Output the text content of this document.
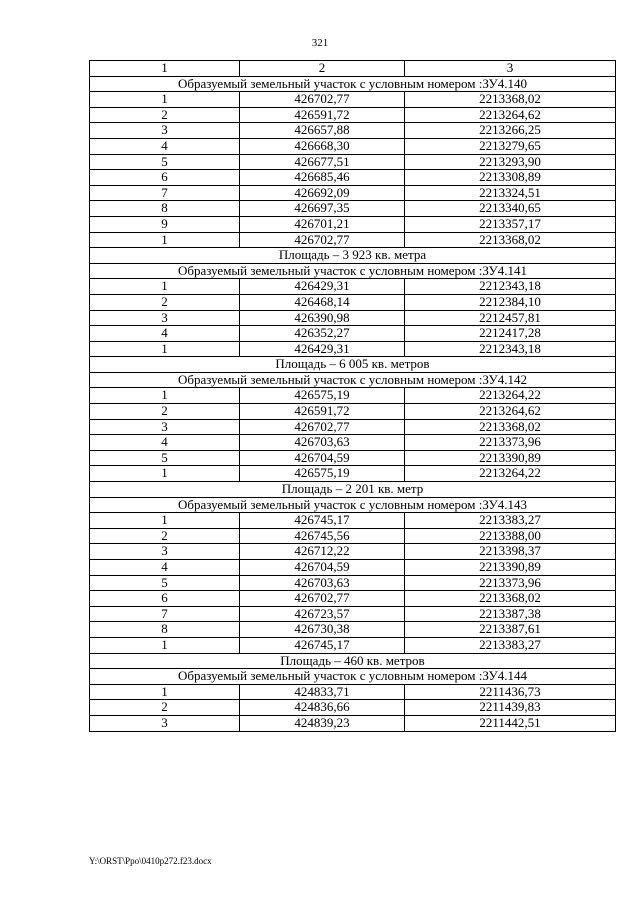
321
1	2	3
Образуемый земельный участок с условным номером :ЗУ4.140		
1	426702,77	2213368,02
2	426591,72	2213264,62
3	426657,88	2213266,25
4	426668,30	2213279,65
5	426677,51	2213293,90
6	426685,46	2213308,89
7	426692,09	2213324,51
8	426697,35	2213340,65
9	426701,21	2213357,17
1	426702,77	2213368,02
Площадь – 3 923 кв. метра		
Образуемый земельный участок с условным номером :ЗУ4.141		
1	426429,31	2212343,18
2	426468,14	2212384,10
3	426390,98	2212457,81
4	426352,27	2212417,28
1	426429,31	2212343,18
Площадь – 6 005 кв. метров		
Образуемый земельный участок с условным номером :ЗУ4.142		
1	426575,19	2213264,22
2	426591,72	2213264,62
3	426702,77	2213368,02
4	426703,63	2213373,96
5	426704,59	2213390,89
1	426575,19	2213264,22
Площадь – 2 201 кв. метр		
Образуемый земельный участок с условным номером :ЗУ4.143		
1	426745,17	2213383,27
2	426745,56	2213388,00
3	426712,22	2213398,37
4	426704,59	2213390,89
5	426703,63	2213373,96
6	426702,77	2213368,02
7	426723,57	2213387,38
8	426730,38	2213387,61
1	426745,17	2213383,27
Площадь – 460 кв. метров		
Образуемый земельный участок с условным номером :ЗУ4.144		
1	424833,71	2211436,73
2	424836,66	2211439,83
3	424839,23	2211442,51
Y:\ORST\Ppo\0410p272.f23.docx
